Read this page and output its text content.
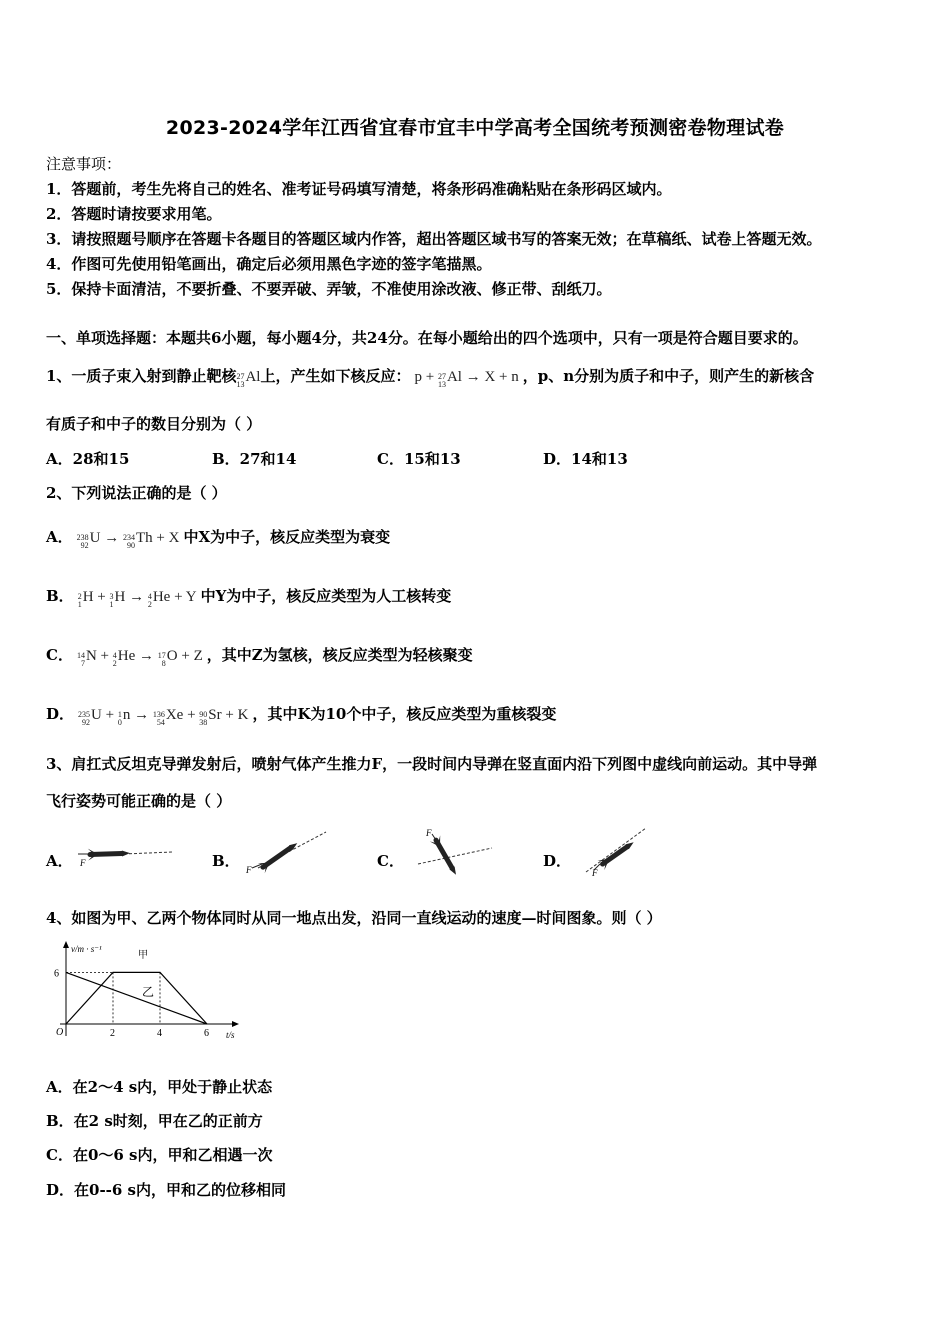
2023-2024学年江西省宜春市宜丰中学高考全国统考预测密卷物理试卷
注意事项：
1．答题前，考生先将自己的姓名、准考证号码填写清楚，将条形码准确粘贴在条形码区域内。
2．答题时请按要求用笔。
3．请按照题号顺序在答题卡各题目的答题区域内作答，超出答题区域书写的答案无效；在草稿纸、试卷上答题无效。
4．作图可先使用铅笔画出，确定后必须用黑色字迹的签字笔描黑。
5．保持卡面清洁，不要折叠、不要弄破、弄皱，不准使用涂改液、修正带、刮纸刀。
一、单项选择题：本题共6小题，每小题4分，共24分。在每小题给出的四个选项中，只有一项是符合题目要求的。
1、一质子束入射到静止靶核 27
13 Al上，产生如下核反应： p + 27
13 Al → X + n ，p、n分别为质子和中子，则产生的新核含
有质子和中子的数目分别为（ ）
A．28和15	B．27和14	C．15和13	D．14和13
2、下列说法正确的是（ ）
A． 238
92 U → 234
90 Th + X 中X为中子，核反应类型为衰变
B． 2
1 H + 3
1 H → 4
2 He + Y 中Y为中子，核反应类型为人工核转变
C． 14
7 N + 4
2 He → 17
8 O + Z ，其中Z为氢核，核反应类型为轻核聚变
D． 235
92 U + 1
0 n → 136
54 Xe + 90
38 Sr + K ，其中K为10个中子，核反应类型为重核裂变
3、肩扛式反坦克导弹发射后，喷射气体产生推力F，一段时间内导弹在竖直面内沿下列图中虚线向前运动。其中导弹
飞行姿势可能正确的是（ ）
A． F	B． F	C．
F
D．
F
4、如图为甲、乙两个物体同时从同一地点出发，沿同一直线运动的速度—时间图象。则（ ）
v/m · s⁻¹
t/s
O
6
2	4	6
甲
乙
A．在2～4 s内，甲处于静止状态
B．在2 s时刻，甲在乙的正前方
C．在0～6 s内，甲和乙相遇一次
D．在0--6 s内，甲和乙的位移相同
